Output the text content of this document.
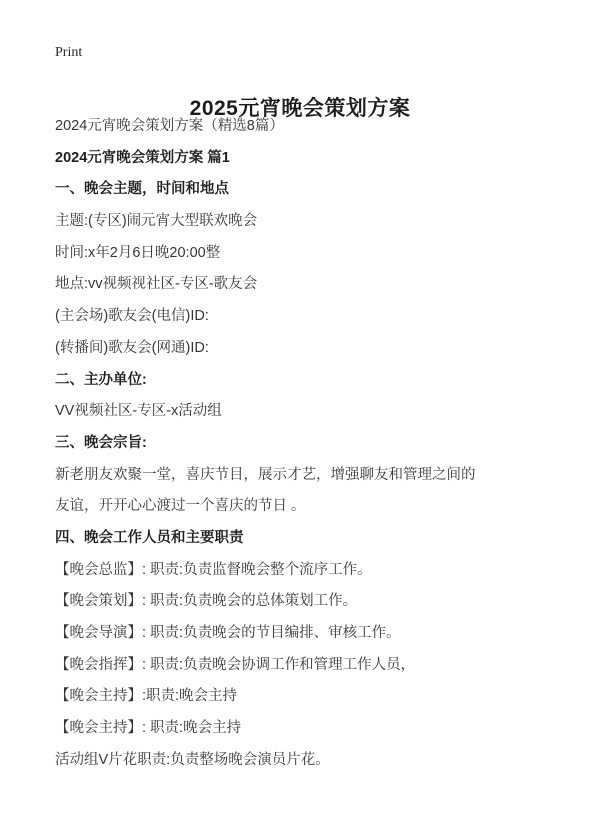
Print
2025元宵晚会策划方案
2024元宵晚会策划方案（精选8篇）
2024元宵晚会策划方案 篇1
一、晚会主题，时间和地点
主题:(专区)闹元宵大型联欢晚会
时间:x年2月6日晚20:00整
地点:vv视频视社区-专区-歌友会
(主会场)歌友会(电信)ID:
(转播间)歌友会(网通)ID:
二、主办单位:
VV视频社区-专区-x活动组
三、晚会宗旨:
新老朋友欢聚一堂，喜庆节目，展示才艺，增强聊友和管理之间的
友谊，开开心心渡过一个喜庆的节日 。
四、晚会工作人员和主要职责
【晚会总监】: 职责:负责监督晚会整个流序工作。
【晚会策划】: 职责:负责晚会的总体策划工作。
【晚会导演】: 职责:负责晚会的节目编排、审核工作。
【晚会指挥】: 职责:负责晚会协调工作和管理工作人员，
【晚会主持】:职责:晚会主持
【晚会主持】: 职责:晚会主持
活动组V片花职责:负责整场晚会演员片花。
